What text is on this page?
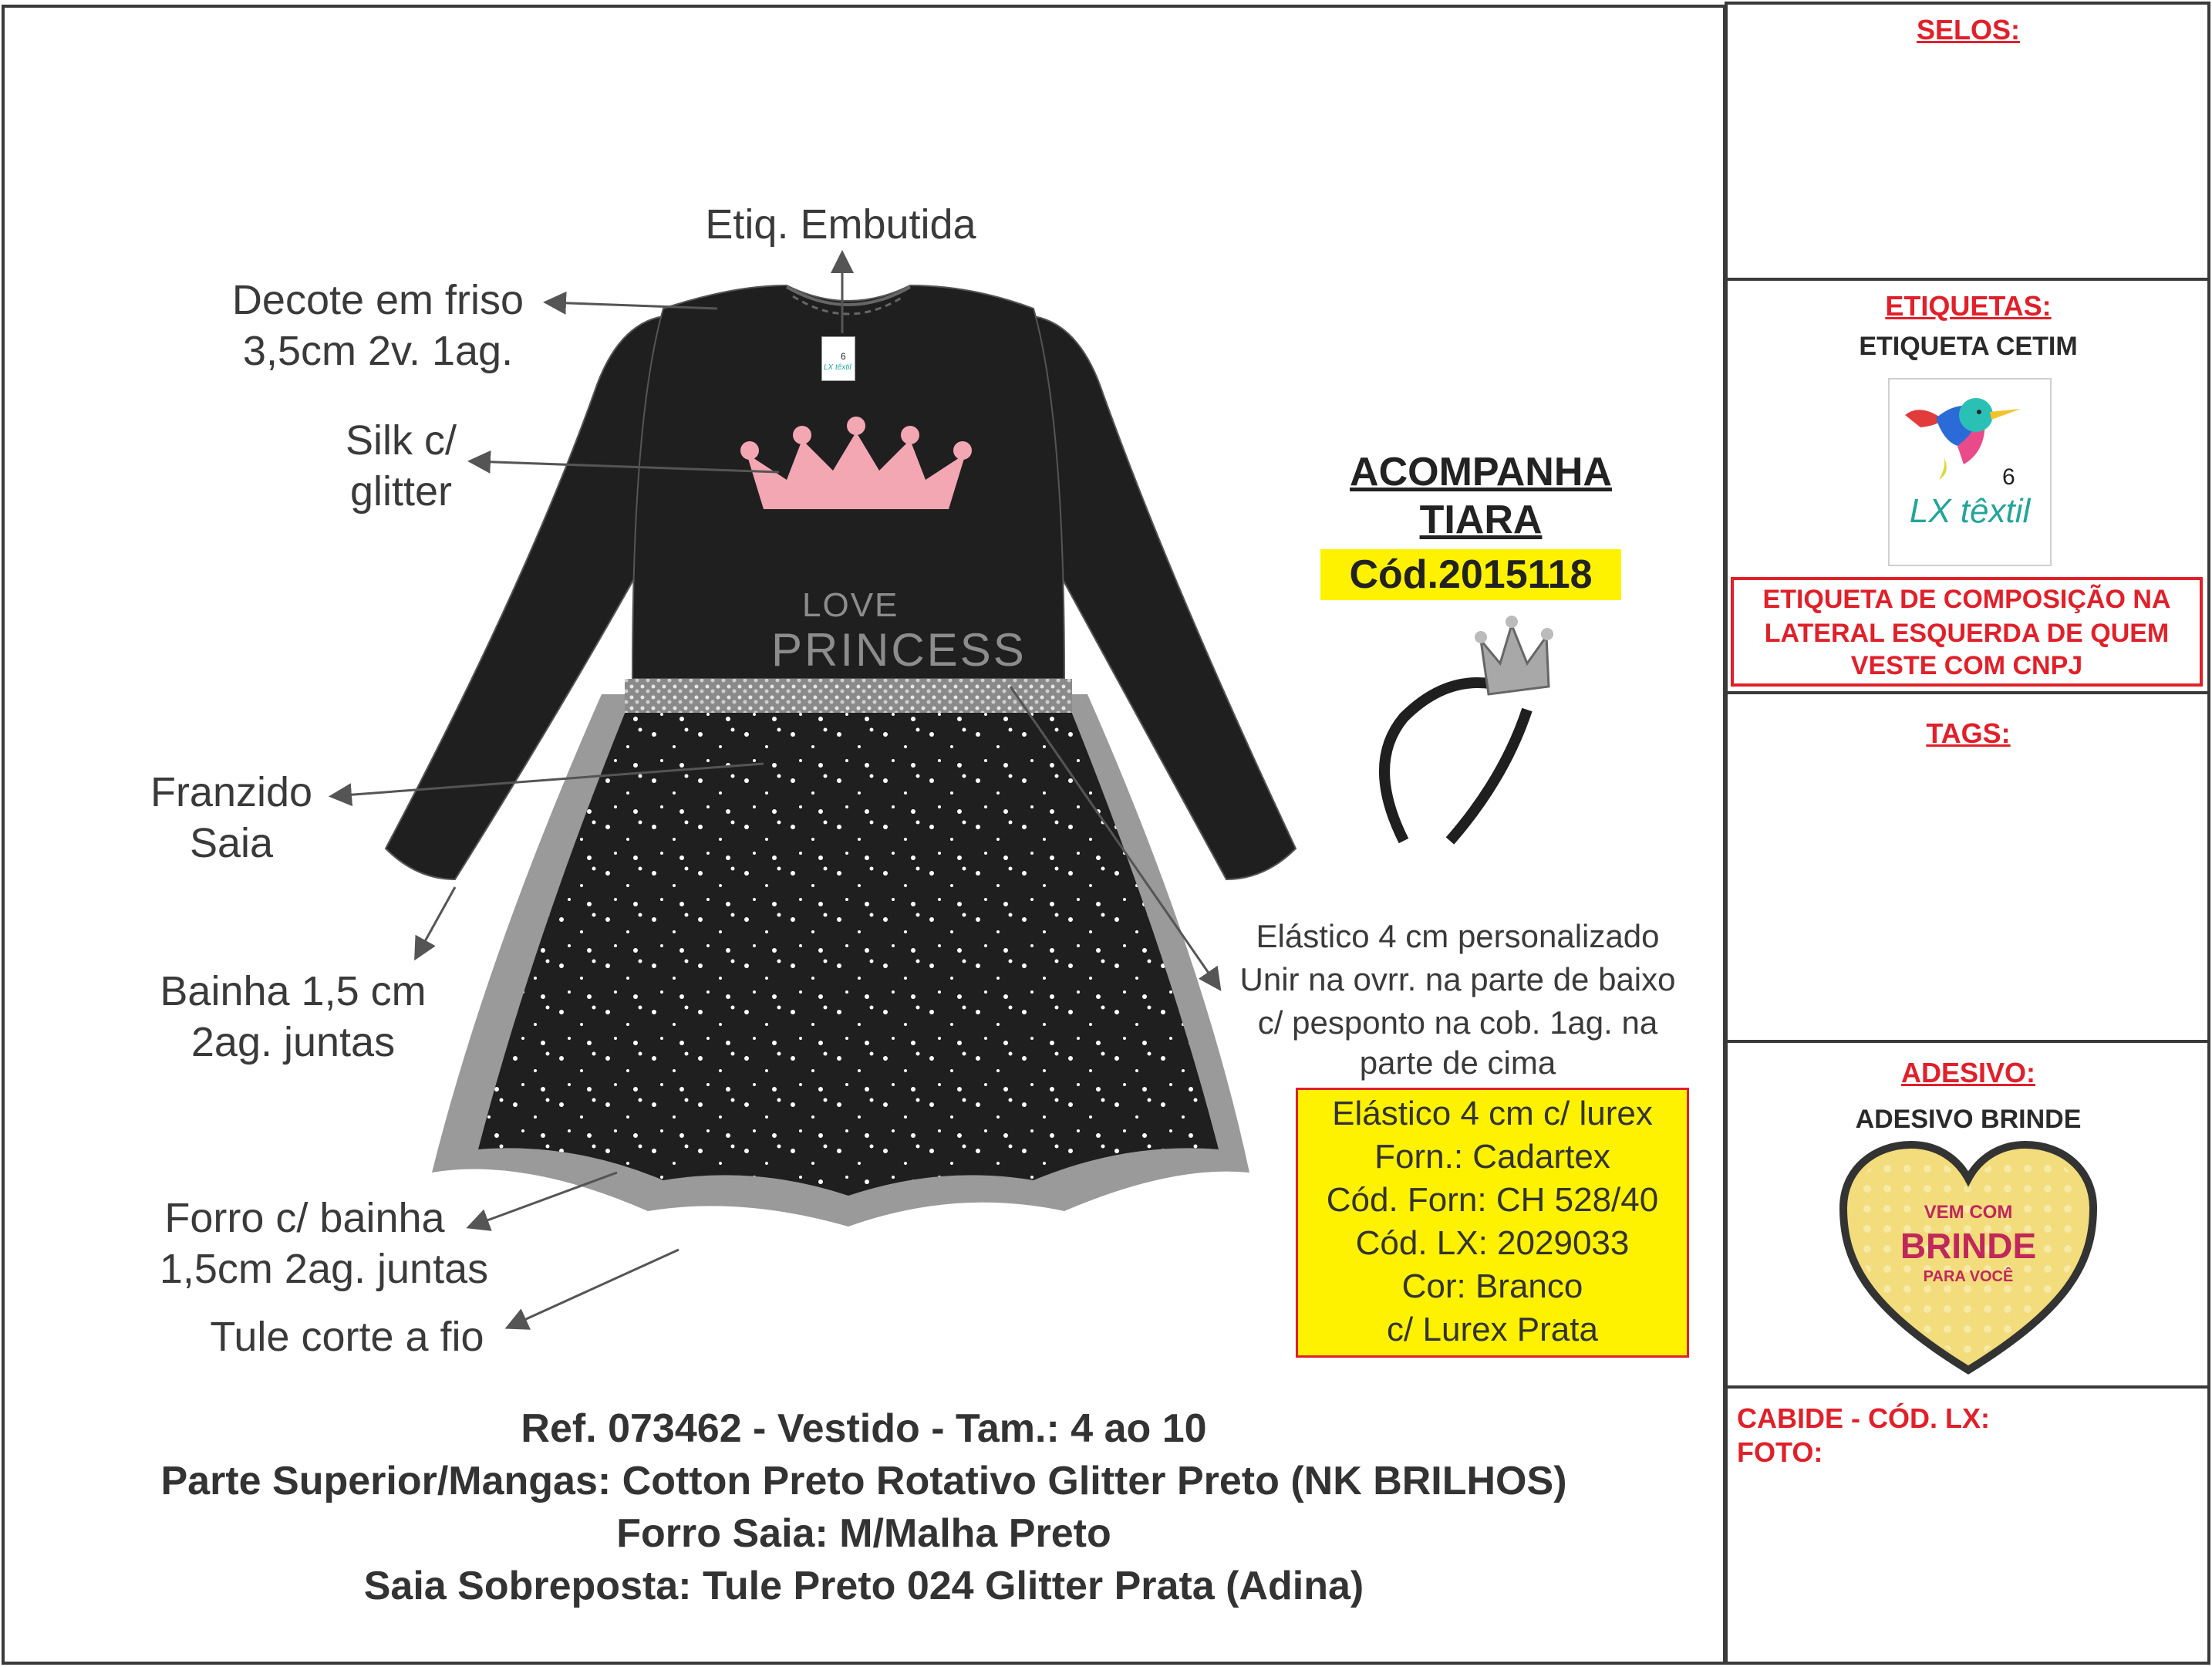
SELOS:
ETIQUETAS:
ETIQUETA CETIM
6
LX têxtil
ETIQUETA DE COMPOSIÇÃO NA
LATERAL ESQUERDA DE QUEM
VESTE COM CNPJ
TAGS:
ADESIVO:
ADESIVO BRINDE
VEM COM
BRINDE
PARA VOCÊ
CABIDE - CÓD. LX:
FOTO:
6
LX têxtil
LOVE
PRINCESS
Etiq. Embutida
Decote em friso
3,5cm 2v. 1ag.
Silk c/
glitter
Franzido
Saia
Bainha 1,5 cm
2ag. juntas
Forro c/ bainha
1,5cm 2ag. juntas
Tule corte a fio
Elástico 4 cm personalizado
Unir na ovrr. na parte de baixo
c/ pesponto na cob. 1ag. na
parte de cima
ACOMPANHA
TIARA
Cód.2015118
Elástico 4 cm c/ lurex
Forn.: Cadartex
Cód. Forn: CH 528/40
Cód. LX: 2029033
Cor: Branco
c/ Lurex Prata
Ref. 073462 - Vestido - Tam.: 4 ao 10
Parte Superior/Mangas: Cotton Preto Rotativo Glitter Preto (NK BRILHOS)
Forro Saia: M/Malha Preto
Saia Sobreposta: Tule Preto 024 Glitter Prata (Adina)
